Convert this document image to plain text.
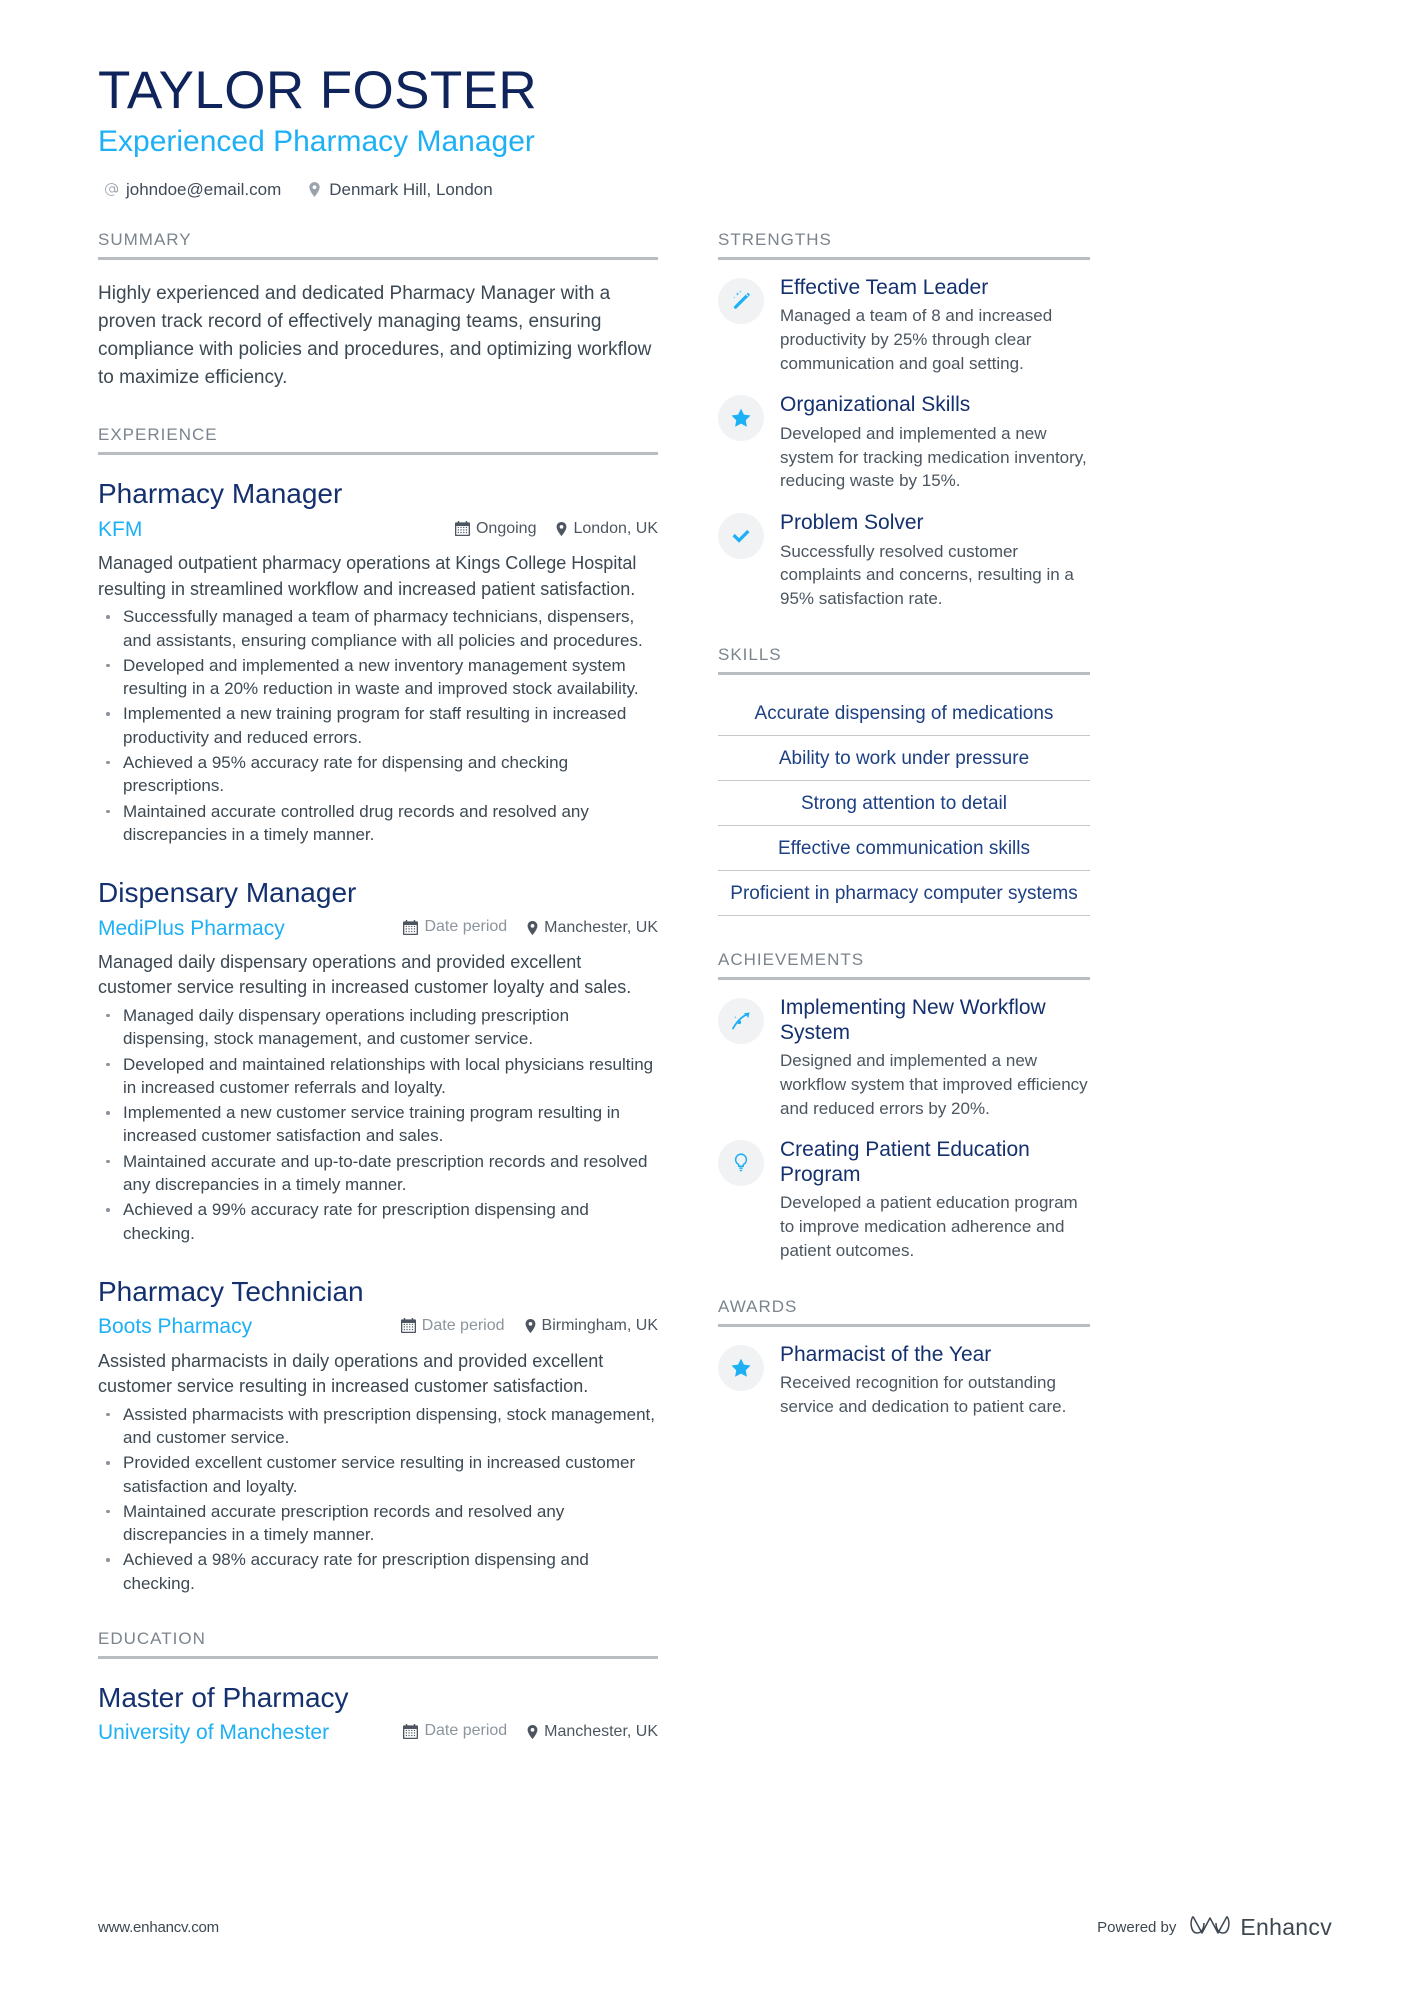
TAYLOR FOSTER
Experienced Pharmacy Manager
johndoe@email.com	Denmark Hill, London
SUMMARY
Highly experienced and dedicated Pharmacy Manager with a proven track record of effectively managing teams, ensuring compliance with policies and procedures, and optimizing workflow to maximize efficiency.
EXPERIENCE
Pharmacy Manager
KFM	Ongoing London, UK
Managed outpatient pharmacy operations at Kings College Hospital resulting in streamlined workflow and increased patient satisfaction.
Successfully managed a team of pharmacy technicians, dispensers, and assistants, ensuring compliance with all policies and procedures.
Developed and implemented a new inventory management system resulting in a 20% reduction in waste and improved stock availability.
Implemented a new training program for staff resulting in increased productivity and reduced errors.
Achieved a 95% accuracy rate for dispensing and checking prescriptions.
Maintained accurate controlled drug records and resolved any discrepancies in a timely manner.
Dispensary Manager
MediPlus Pharmacy	Date period Manchester, UK
Managed daily dispensary operations and provided excellent customer service resulting in increased customer loyalty and sales.
Managed daily dispensary operations including prescription dispensing, stock management, and customer service.
Developed and maintained relationships with local physicians resulting in increased customer referrals and loyalty.
Implemented a new customer service training program resulting in increased customer satisfaction and sales.
Maintained accurate and up-to-date prescription records and resolved any discrepancies in a timely manner.
Achieved a 99% accuracy rate for prescription dispensing and checking.
Pharmacy Technician
Boots Pharmacy	Date period Birmingham, UK
Assisted pharmacists in daily operations and provided excellent customer service resulting in increased customer satisfaction.
Assisted pharmacists with prescription dispensing, stock management, and customer service.
Provided excellent customer service resulting in increased customer satisfaction and loyalty.
Maintained accurate prescription records and resolved any discrepancies in a timely manner.
Achieved a 98% accuracy rate for prescription dispensing and checking.
EDUCATION
Master of Pharmacy
University of Manchester	Date period Manchester, UK
STRENGTHS
Effective Team Leader
Managed a team of 8 and increased productivity by 25% through clear communication and goal setting.
Organizational Skills
Developed and implemented a new system for tracking medication inventory, reducing waste by 15%.
Problem Solver
Successfully resolved customer complaints and concerns, resulting in a 95% satisfaction rate.
SKILLS
Accurate dispensing of medications
Ability to work under pressure
Strong attention to detail
Effective communication skills
Proficient in pharmacy computer systems
ACHIEVEMENTS
Implementing New Workflow System
Designed and implemented a new workflow system that improved efficiency and reduced errors by 20%.
Creating Patient Education Program
Developed a patient education program to improve medication adherence and patient outcomes.
AWARDS
Pharmacist of the Year
Received recognition for outstanding service and dedication to patient care.
www.enhancv.com	Powered by	Enhancv
